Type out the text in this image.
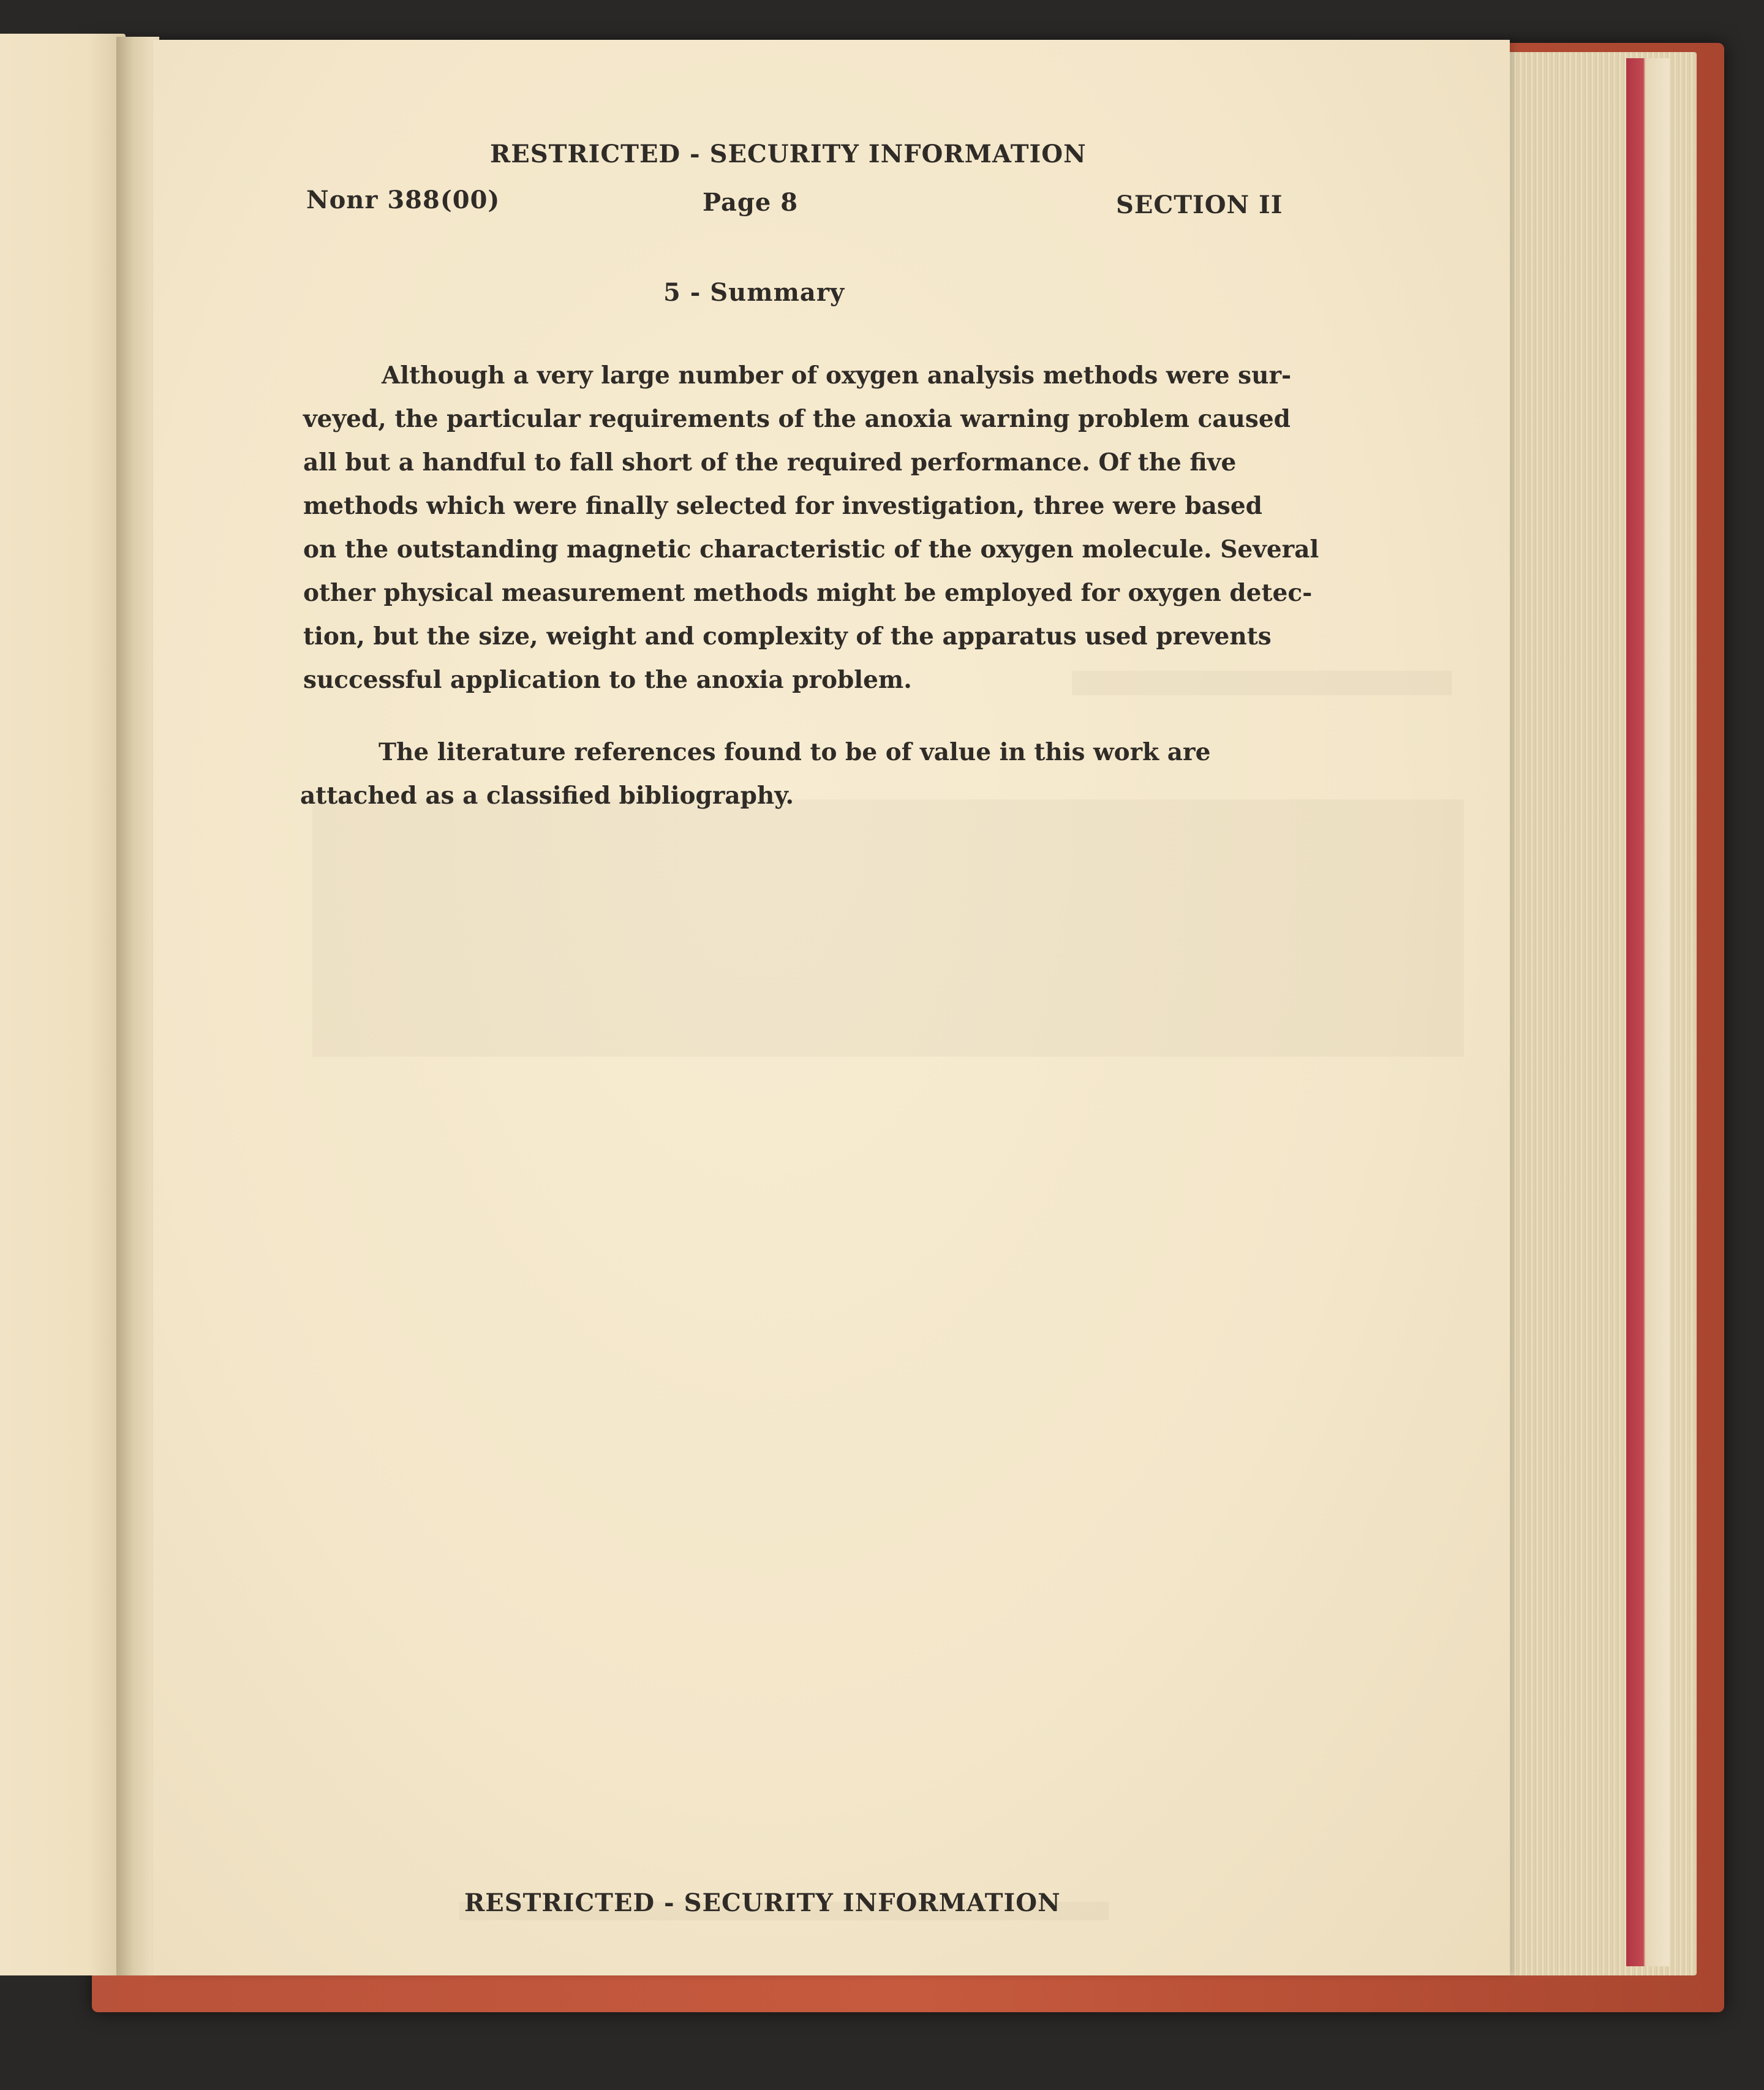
RESTRICTED - SECURITY INFORMATION
Nonr 388(00)	Page 8	SECTION II
5 - Summary
Although a very large number of oxygen analysis methods were sur-
veyed, the particular requirements of the anoxia warning problem caused
all but a handful to fall short of the required performance. Of the five
methods which were finally selected for investigation, three were based
on the outstanding magnetic characteristic of the oxygen molecule. Several
other physical measurement methods might be employed for oxygen detec-
tion, but the size, weight and complexity of the apparatus used prevents
successful application to the anoxia problem.
The literature references found to be of value in this work are
attached as a classified bibliography.
RESTRICTED - SECURITY INFORMATION
